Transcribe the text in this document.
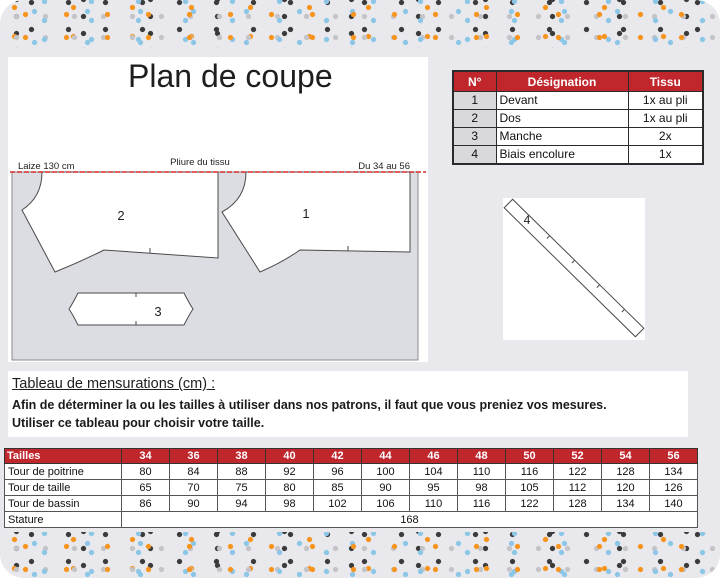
Laize 130 cm	Pliure du tissu	Du 34 au 56
2	1
3
Plan de coupe	N°	Désignation	Tissu
1	Devant	1x au pli
2	Dos	1x au pli
3	Manche	2x
4	Biais encolure	1x
4
Tableau de mensurations (cm) :
Afin de déterminer la ou les tailles à utiliser dans nos patrons, il faut que vous preniez vos mesures.
Utiliser ce tableau pour choisir votre taille.
Tailles	34	36	38	40	42	44	46	48	50	52	54	56
Tour de poitrine	80	84	88	92	96	100	104	110	116	122	128	134
Tour de taille	65	70	75	80	85	90	95	98	105	112	120	126
Tour de bassin	86	90	94	98	102	106	110	116	122	128	134	140
Stature	168											
